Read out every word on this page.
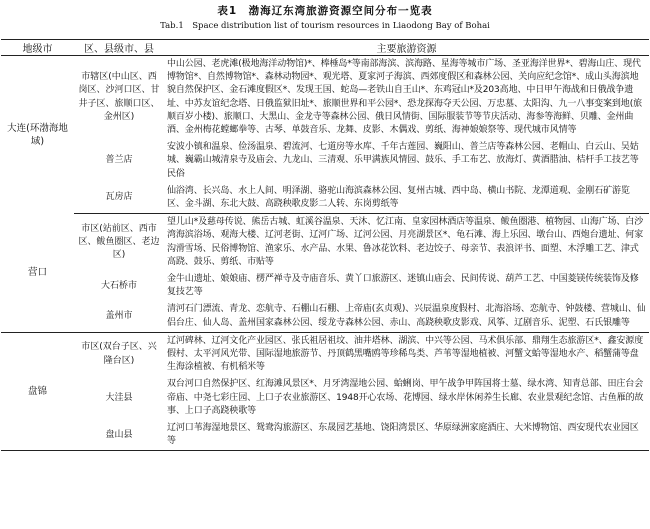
表1　渤海辽东湾旅游资源空间分布一览表
Tab.1　Space distribution list of tourism resources in Liaodong Bay of Bohai
地级市	区、县级市、县	主要旅游资源
大连(环渤海地域)	市辖区(中山区、西岗区、沙河口区、甘井子区、旅顺口区、金州区)	中山公园、老虎滩(极地海洋动物馆)*、棒棰岛*等南部海滨、滨海路、星海等城市广场、圣亚海洋世界*、碧海山庄、现代博物馆*、自然博物馆*、森林动物园*、观光塔、夏家河子海滨、西郊度假区和森林公园、关向应纪念馆*、成山头海滨地貌自然保护区、金石滩度假区*、发现王国、蛇岛—老铁山自王山*、东鸡冠山*及203高地、中日甲午海战和日俄战争遗址、中苏友谊纪念塔、日俄监狱旧址*、旅顺世界和平公园*、恐龙探海夺天公园、万忠墓、太阳沟、九一八事变案到地(旅顺百岁小楼)、旅顺口、大黑山、金龙寺等森林公园、俄日风情街、国际服装节等节庆活动、海参等海鲜、贝雕、金州曲酒、金州梅花螳螂拳等、古琴、单鼓音乐、龙舞、皮影、木偶戏、剪纸、海神娘娘祭等、现代城市风情等
	普兰店	安波小镇和温泉、俭汤温泉、碧流河、七道房等水库、千年古莲园、巍阳山、普兰店等森林公园、老帽山、白云山、吴姑城、巍霸山城清泉寺及庙会、九龙山、三清观、乐甲满族风情园、鼓乐、手工布艺、放海灯、黄酒腊油、桔杆手工技艺等民俗
	瓦房店	仙浴湾、长兴岛、水上人间、明泽湖、骆驼山海滨森林公园、复州古城、西中岛、横山书院、龙潭道观、金刚石矿游览区、金斗湖、东北大鼓、高跷秧歌皮影二人转、东岗剪纸等
营口	市区(站前区、西市区、鲅鱼圈区、老边区)	望儿山*及慈母传说、熊岳古城、虹溪谷温泉、天沐、忆江南、皇家园林酒店等温泉、鲅鱼圈港、植物园、山海广场、白沙湾海滨浴场、观海大楼、辽河老街、辽河广场、辽河公园、月亮湖景区*、龟石滩、海上乐园、墩台山、西炮台遗址、何家沟滑雪场、民俗博物馆、渔家乐、水产品、水果、鲁冰花饮料、老边饺子、母亲节、表浪评书、面塑、木浮雕工艺、津式高跷、鼓乐、剪纸、市贴等
	大石桥市	金牛山遗址、娘娘庙、楞严禅寺及寺庙音乐、黄丫口旅游区、迷镇山庙会、民间传说、葫芦工艺、中国菱镁传统装饰及修复技艺等
	盖州市	清河石门漂流、青龙、恋航寺、石棚山石棚、上帝庙(玄贞观)、兴辰温泉度假村、北海浴场、恋航寺、钟鼓楼、营城山、仙侣台庄、仙人岛、盖州国家森林公园、绥龙寺森林公园、赤山、高跷秧歌皮影戏、风筝、辽剧音乐、泥塑、石氏银雕等
盘锦	市区(双台子区、兴隆台区)	辽河碑林、辽河文化产业园区、张氏祖居祖坟、油井塔林、湖滨、中兴等公园、马术俱乐部、鼎翔生态旅游区*、鑫安源度假村、太平河风光带、国际湿地旅游节、丹顶鹤黑嘴鸥等珍稀鸟类、芦苇等湿地植被、河蟹文蛤等湿地水产、稻蟹蒲等盘生海涂植被、有机稻米等
	大洼县	双台河口自然保护区、红海滩风景区*、月牙湾湿地公园、蛤蜊岗、甲午战争甲阵国将士墓、绿水湾、知青总部、田庄台会帝庙、中尧七彩庄园、上口子农业旅游区、1948开心农场、花博园、绿水岸休闲养生长廊、农业景观纪念馆、古鱼雁的故事、上口子高跷秧歌等
	盘山县	辽河口苇海湿地景区、鸳鸯沟旅游区、东晟园艺基地、饶阳湾景区、华原绿洲家庭酒庄、大米博物馆、西安现代农业园区等
